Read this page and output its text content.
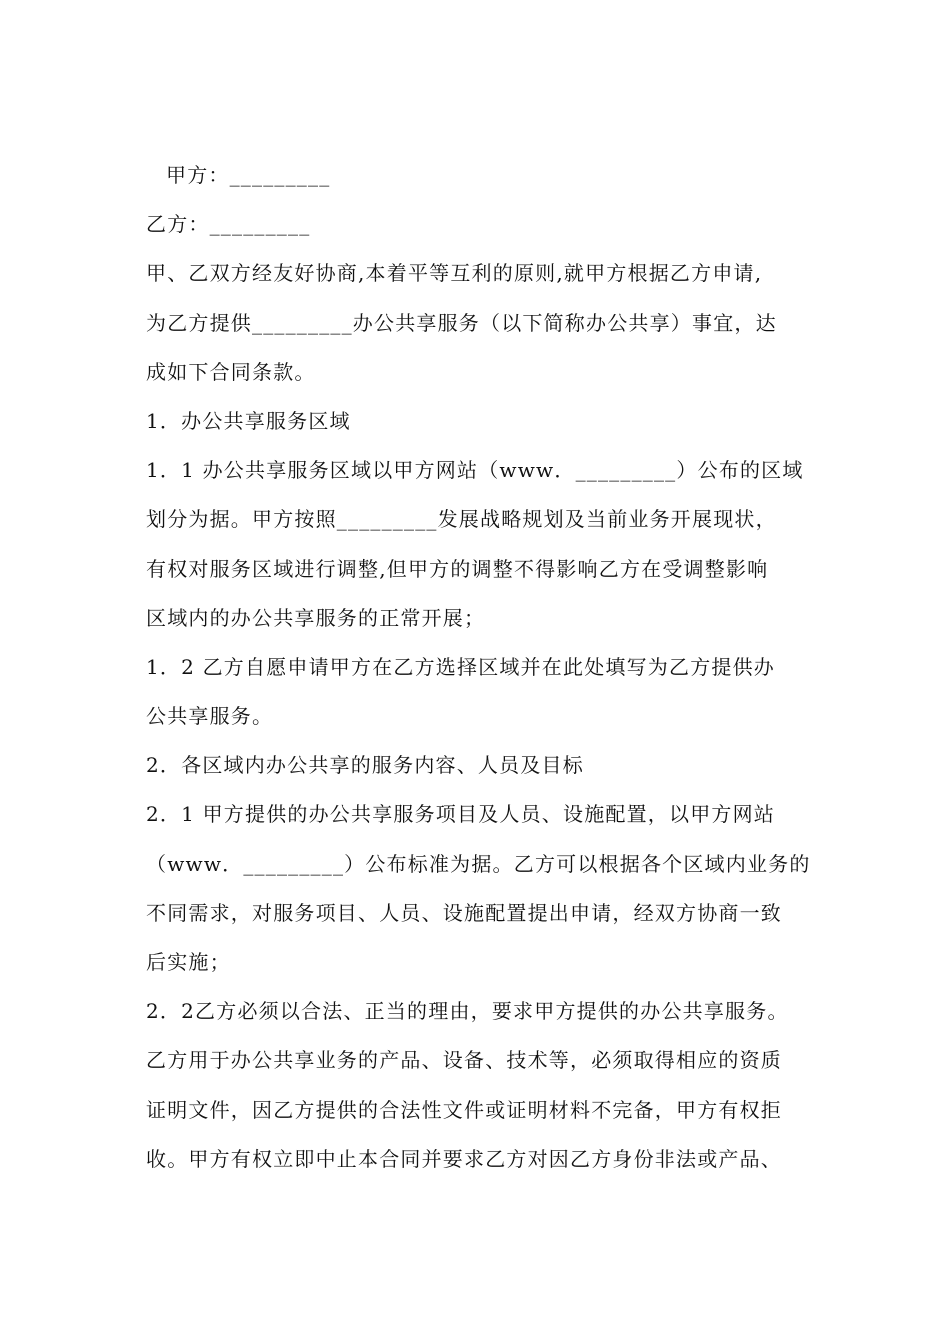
甲方：_________
乙方：_________
甲、乙双方经友好协商,本着平等互利的原则,就甲方根据乙方申请,
为乙方提供_________办公共享服务（以下简称办公共享）事宜，达
成如下合同条款。
1．办公共享服务区域
1．1 办公共享服务区域以甲方网站（www．_________）公布的区域
划分为据。甲方按照_________发展战略规划及当前业务开展现状，
有权对服务区域进行调整,但甲方的调整不得影响乙方在受调整影响
区域内的办公共享服务的正常开展；
1．2 乙方自愿申请甲方在乙方选择区域并在此处填写为乙方提供办
公共享服务。
2．各区域内办公共享的服务内容、人员及目标
2．1 甲方提供的办公共享服务项目及人员、设施配置，以甲方网站
（www．_________）公布标准为据。乙方可以根据各个区域内业务的
不同需求，对服务项目、人员、设施配置提出申请，经双方协商一致
后实施；
2．2乙方必须以合法、正当的理由，要求甲方提供的办公共享服务。
乙方用于办公共享业务的产品、设备、技术等，必须取得相应的资质
证明文件，因乙方提供的合法性文件或证明材料不完备，甲方有权拒
收。甲方有权立即中止本合同并要求乙方对因乙方身份非法或产品、
